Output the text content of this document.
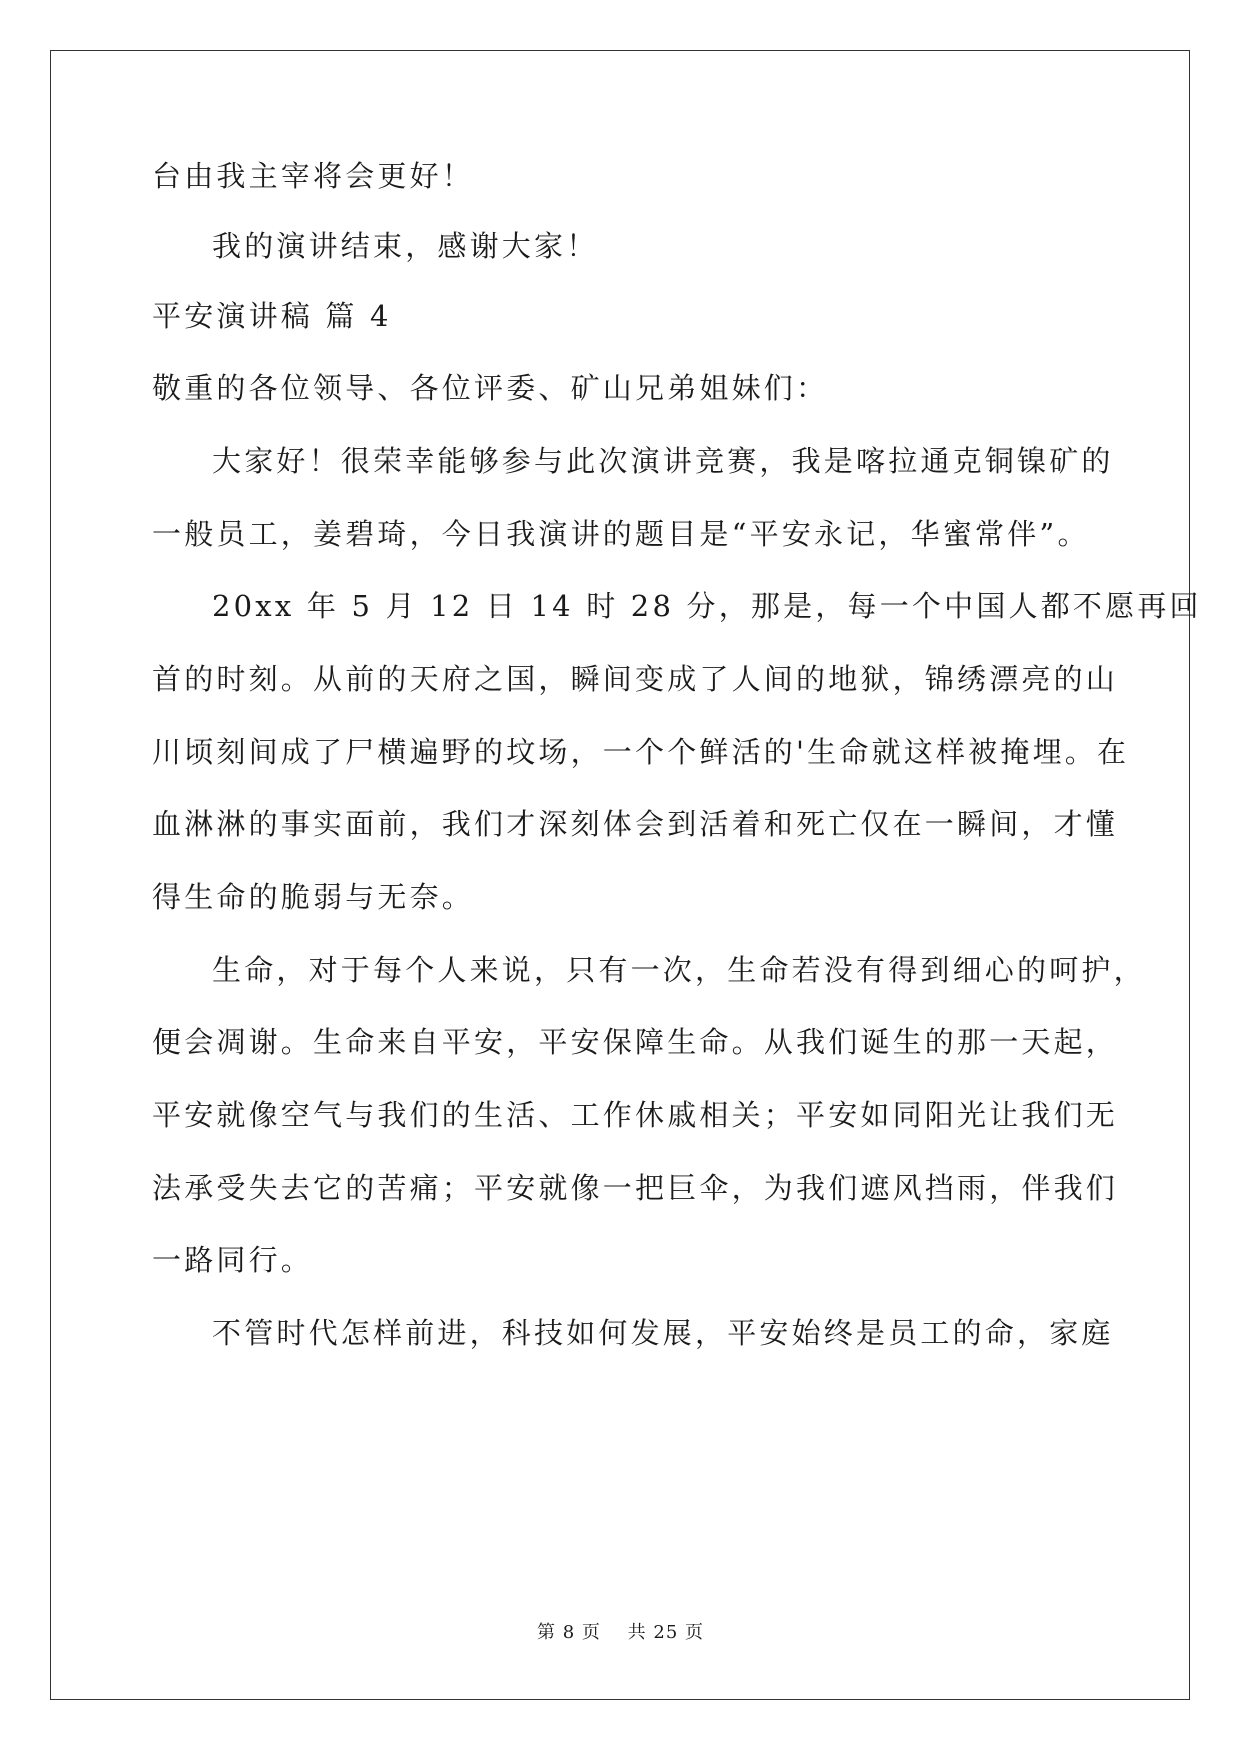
台由我主宰将会更好！
我的演讲结束，感谢大家！
平安演讲稿 篇 4
敬重的各位领导、各位评委、矿山兄弟姐妹们：
大家好！很荣幸能够参与此次演讲竞赛，我是喀拉通克铜镍矿的
一般员工，姜碧琦，今日我演讲的题目是“平安永记，华蜜常伴”。
20xx 年 5 月 12 日 14 时 28 分，那是，每一个中国人都不愿再回
首的时刻。从前的天府之国，瞬间变成了人间的地狱，锦绣漂亮的山
川顷刻间成了尸横遍野的坟场，一个个鲜活的'生命就这样被掩埋。在
血淋淋的事实面前，我们才深刻体会到活着和死亡仅在一瞬间，才懂
得生命的脆弱与无奈。
生命，对于每个人来说，只有一次，生命若没有得到细心的呵护，
便会凋谢。生命来自平安，平安保障生命。从我们诞生的那一天起，
平安就像空气与我们的生活、工作休戚相关；平安如同阳光让我们无
法承受失去它的苦痛；平安就像一把巨伞，为我们遮风挡雨，伴我们
一路同行。
不管时代怎样前进，科技如何发展，平安始终是员工的命，家庭
第 8 页 共 25 页
